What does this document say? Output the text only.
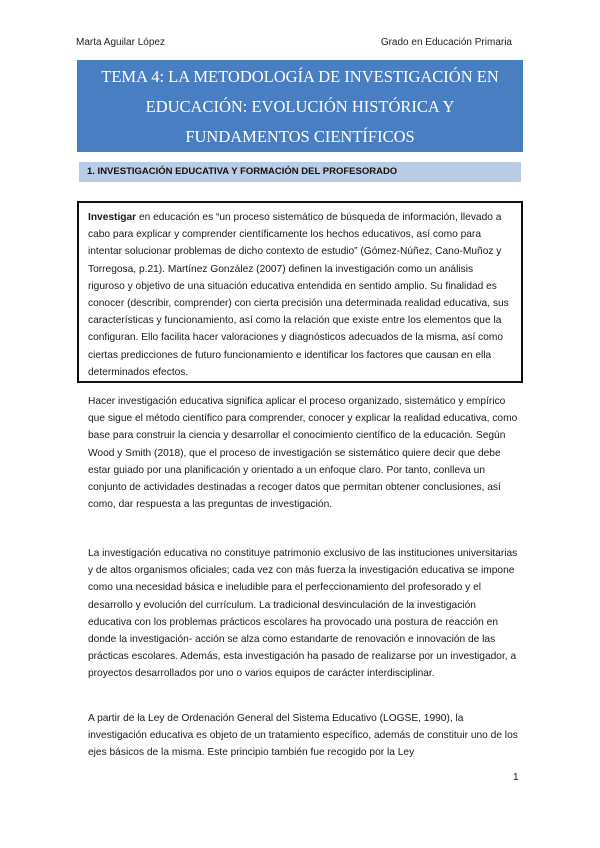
Marta Aguilar López	Grado en Educación Primaria
TEMA 4: LA METODOLOGÍA DE INVESTIGACIÓN EN
EDUCACIÓN: EVOLUCIÓN HISTÓRICA Y
FUNDAMENTOS CIENTÍFICOS
1. INVESTIGACIÓN EDUCATIVA Y FORMACIÓN DEL PROFESORADO
Investigar en educación es “un proceso sistemático de búsqueda de información, llevado a cabo para explicar y comprender científicamente los hechos educativos, así como para intentar solucionar problemas de dicho contexto de estudio” (Gómez-Núñez, Cano-Muñoz y Torregosa, p.21). Martínez González (2007) definen la investigación como un análisis riguroso y objetivo de una situación educativa entendida en sentido amplio. Su finalidad es conocer (describir, comprender) con cierta precisión una determinada realidad educativa, sus características y funcionamiento, así como la relación que existe entre los elementos que la configuran. Ello facilita hacer valoraciones y diagnósticos adecuados de la misma, así como ciertas predicciones de futuro funcionamiento e identificar los factores que causan en ella determinados efectos.
Hacer investigación educativa significa aplicar el proceso organizado, sistemático y empírico que sigue el método científico para comprender, conocer y explicar la realidad educativa, como base para construir la ciencia y desarrollar el conocimiento científico de la educación. Según Wood y Smith (2018), que el proceso de investigación se sistemático quiere decir que debe estar guiado por una planificación y orientado a un enfoque claro. Por tanto, conlleva un conjunto de actividades destinadas a recoger datos que permitan obtener conclusiones, así como, dar respuesta a las preguntas de investigación.
La investigación educativa no constituye patrimonio exclusivo de las instituciones universitarias y de altos organismos oficiales; cada vez con más fuerza la investigación educativa se impone como una necesidad básica e ineludible para el perfeccionamiento del profesorado y el desarrollo y evolución del currículum. La tradicional desvinculación de la investigación educativa con los problemas prácticos escolares ha provocado una postura de reacción en donde la investigación- acción se alza como estandarte de renovación e innovación de las prácticas escolares. Además, esta investigación ha pasado de realizarse por un investigador, a proyectos desarrollados por uno o varios equipos de carácter interdisciplinar.
A partir de la Ley de Ordenación General del Sistema Educativo (LOGSE, 1990), la investigación educativa es objeto de un tratamiento específico, además de constituir uno de los ejes básicos de la misma. Este principio también fue recogido por la Ley
1
